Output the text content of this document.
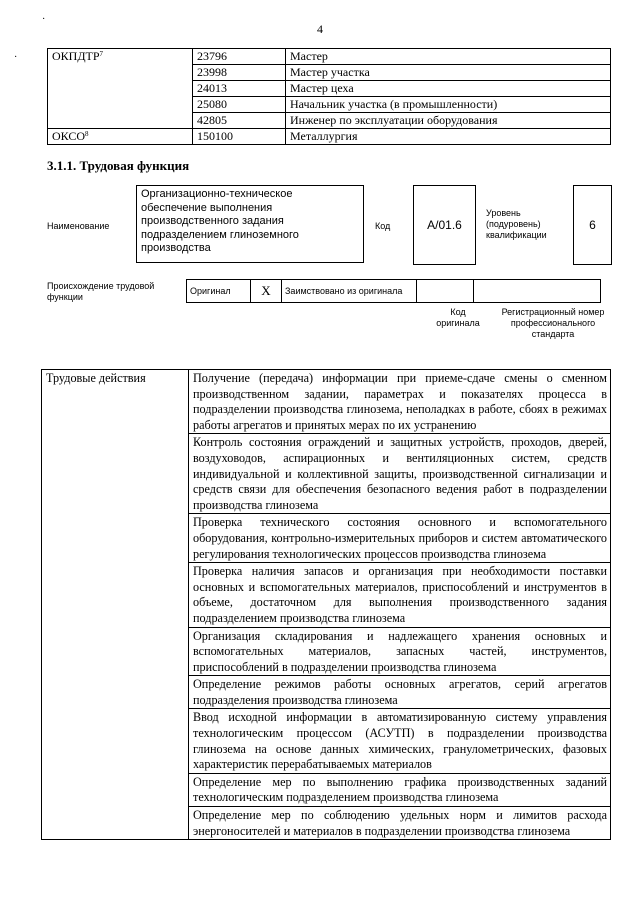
4
·
·	$ОКПДТР^7$	23796	Мастер
	23998	Мастер участка
	24013	Мастер цеха
	25080	Начальник участка (в промышленности)
	42805	Инженер по эксплуатации оборудования
ОКСО$^8$	150100	Металлургия
3.1.1. Трудовая функция
Наименование
Организационно-техническое обеспечение выполнения производственного задания подразделением глиноземного производства
Код	A/01.6
Уровень (подуровень) квалификации
6
Происхождение трудовой функции
Оригинал	X	Заимствовано из оригинала		
Код оригинала
Регистрационный номер профессионального стандарта
Трудовые действия	Получение (передача) информации при приеме-сдаче смены о сменном производственном задании, параметрах и показателях процесса в подразделении производства глинозема, неполадках в работе, сбоях в режимах работы агрегатов и принятых мерах по их устранению
Контроль состояния ограждений и защитных устройств, проходов, дверей, воздуховодов, аспирационных и вентиляционных систем, средств индивидуальной и коллективной защиты, производственной сигнализации и средств связи для обеспечения безопасного ведения работ в подразделении производства глинозема
Проверка технического состояния основного и вспомогательного оборудования, контрольно-измерительных приборов и систем автоматического регулирования технологических процессов производства глинозема
Проверка наличия запасов и организация при необходимости поставки основных и вспомогательных материалов, приспособлений и инструментов в объеме, достаточном для выполнения производственного задания подразделением производства глинозема
Организация складирования и надлежащего хранения основных и вспомогательных материалов, запасных частей, инструментов, приспособлений в подразделении производства глинозема
Определение режимов работы основных агрегатов, серий агрегатов подразделения производства глинозема
Ввод исходной информации в автоматизированную систему управления технологическим процессом (АСУТП) в подразделении производства глинозема на основе данных химических, гранулометрических, фазовых характеристик перерабатываемых материалов
Определение мер по выполнению графика производственных заданий технологическим подразделением производства глинозема
Определение мер по соблюдению удельных норм и лимитов расхода энергоносителей и материалов в подразделении производства глинозема
